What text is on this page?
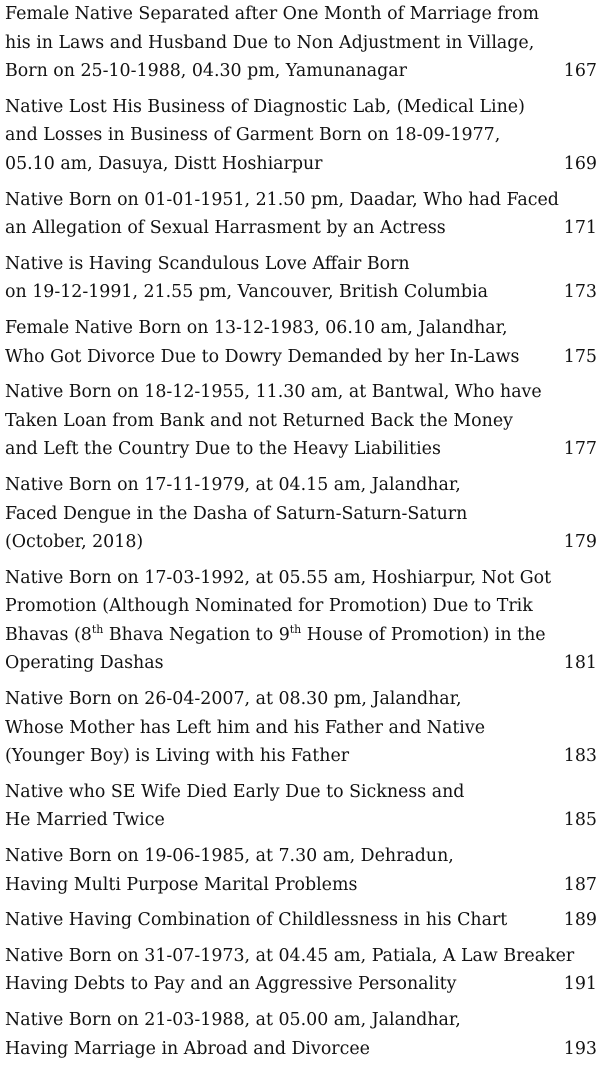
Female Native Separated after One Month of Marriage from
his in Laws and Husband Due to Non Adjustment in Village,
Born on 25-10-1988, 04.30 pm, Yamunanagar	167
Native Lost His Business of Diagnostic Lab, (Medical Line)
and Losses in Business of Garment Born on 18-09-1977,
05.10 am, Dasuya, Distt Hoshiarpur	169
Native Born on 01-01-1951, 21.50 pm, Daadar, Who had Faced
an Allegation of Sexual Harrasment by an Actress	171
Native is Having Scandulous Love Affair Born
on 19-12-1991, 21.55 pm, Vancouver, British Columbia	173
Female Native Born on 13-12-1983, 06.10 am, Jalandhar,
Who Got Divorce Due to Dowry Demanded by her In-Laws	175
Native Born on 18-12-1955, 11.30 am, at Bantwal, Who have
Taken Loan from Bank and not Returned Back the Money
and Left the Country Due to the Heavy Liabilities	177
Native Born on 17-11-1979, at 04.15 am, Jalandhar,
Faced Dengue in the Dasha of Saturn-Saturn-Saturn
(October, 2018)	179
Native Born on 17-03-1992, at 05.55 am, Hoshiarpur, Not Got
Promotion (Although Nominated for Promotion) Due to Trik
Bhavas (8th Bhava Negation to 9th House of Promotion) in the
Operating Dashas	181
Native Born on 26-04-2007, at 08.30 pm, Jalandhar,
Whose Mother has Left him and his Father and Native
(Younger Boy) is Living with his Father	183
Native who SE Wife Died Early Due to Sickness and
He Married Twice	185
Native Born on 19-06-1985, at 7.30 am, Dehradun,
Having Multi Purpose Marital Problems	187
Native Having Combination of Childlessness in his Chart	189
Native Born on 31-07-1973, at 04.45 am, Patiala, A Law Breaker
Having Debts to Pay and an Aggressive Personality	191
Native Born on 21-03-1988, at 05.00 am, Jalandhar,
Having Marriage in Abroad and Divorcee	193
